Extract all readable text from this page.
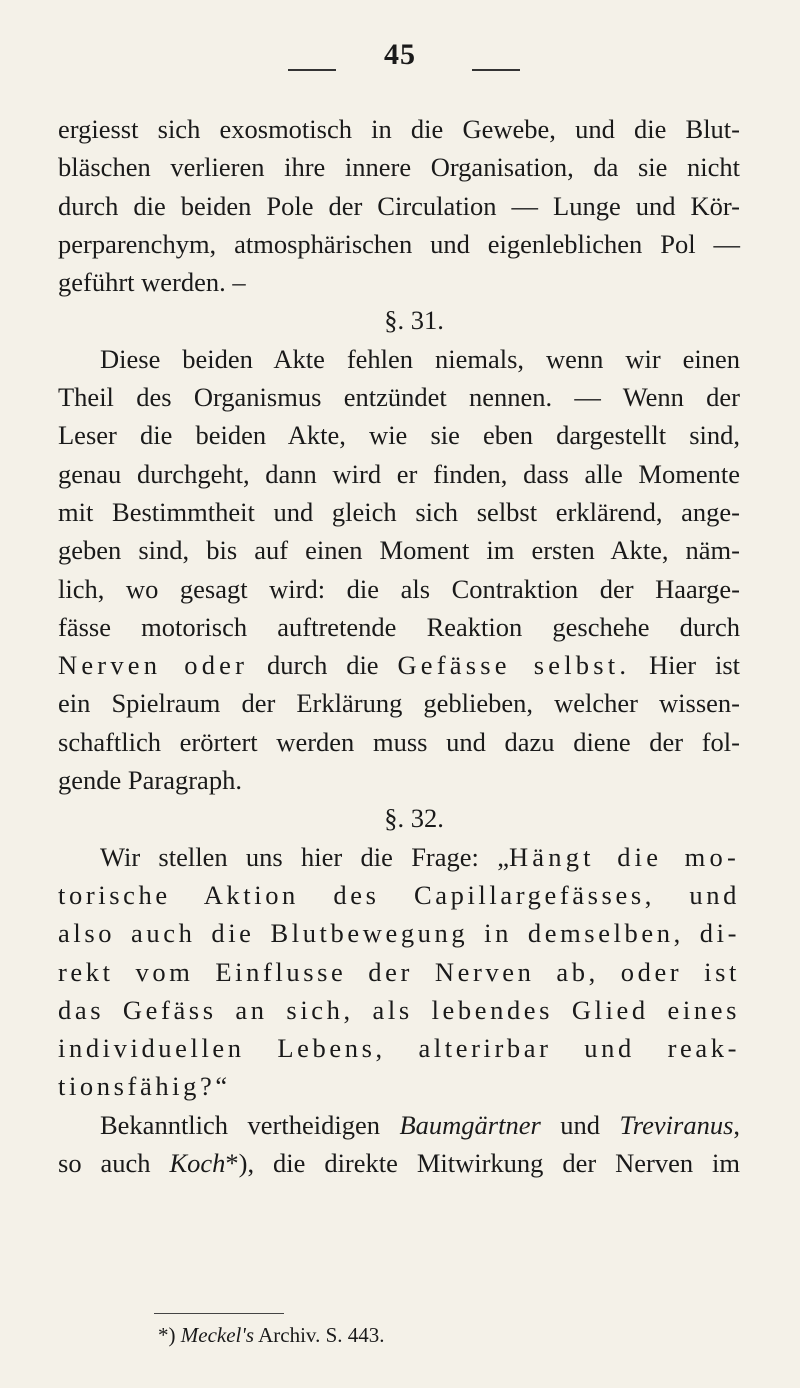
45
ergiesst sich exosmotisch in die Gewebe, und die Blut-
bläschen verlieren ihre innere Organisation, da sie nicht
durch die beiden Pole der Circulation — Lunge und Kör-
perparenchym, atmosphärischen und eigenleblichen Pol —
geführt werden. –
§. 31.
Diese beiden Akte fehlen niemals, wenn wir einen
Theil des Organismus entzündet nennen. — Wenn der
Leser die beiden Akte, wie sie eben dargestellt sind,
genau durchgeht, dann wird er finden, dass alle Momente
mit Bestimmtheit und gleich sich selbst erklärend, ange-
geben sind, bis auf einen Moment im ersten Akte, näm-
lich, wo gesagt wird: die als Contraktion der Haarge-
fässe motorisch auftretende Reaktion geschehe durch
Nerven oder durch die Gefässe selbst. Hier ist
ein Spielraum der Erklärung geblieben, welcher wissen-
schaftlich erörtert werden muss und dazu diene der fol-
gende Paragraph.
§. 32.
Wir stellen uns hier die Frage: „Hängt die mo-
torische Aktion des Capillargefässes, und
also auch die Blutbewegung in demselben, di-
rekt vom Einflusse der Nerven ab, oder ist
das Gefäss an sich, als lebendes Glied eines
individuellen Lebens, alterirbar und reak-
tionsfähig?“
Bekanntlich vertheidigen Baumgärtner und Treviranus,
so auch Koch*), die direkte Mitwirkung der Nerven im
*) Meckel's Archiv. S. 443.
